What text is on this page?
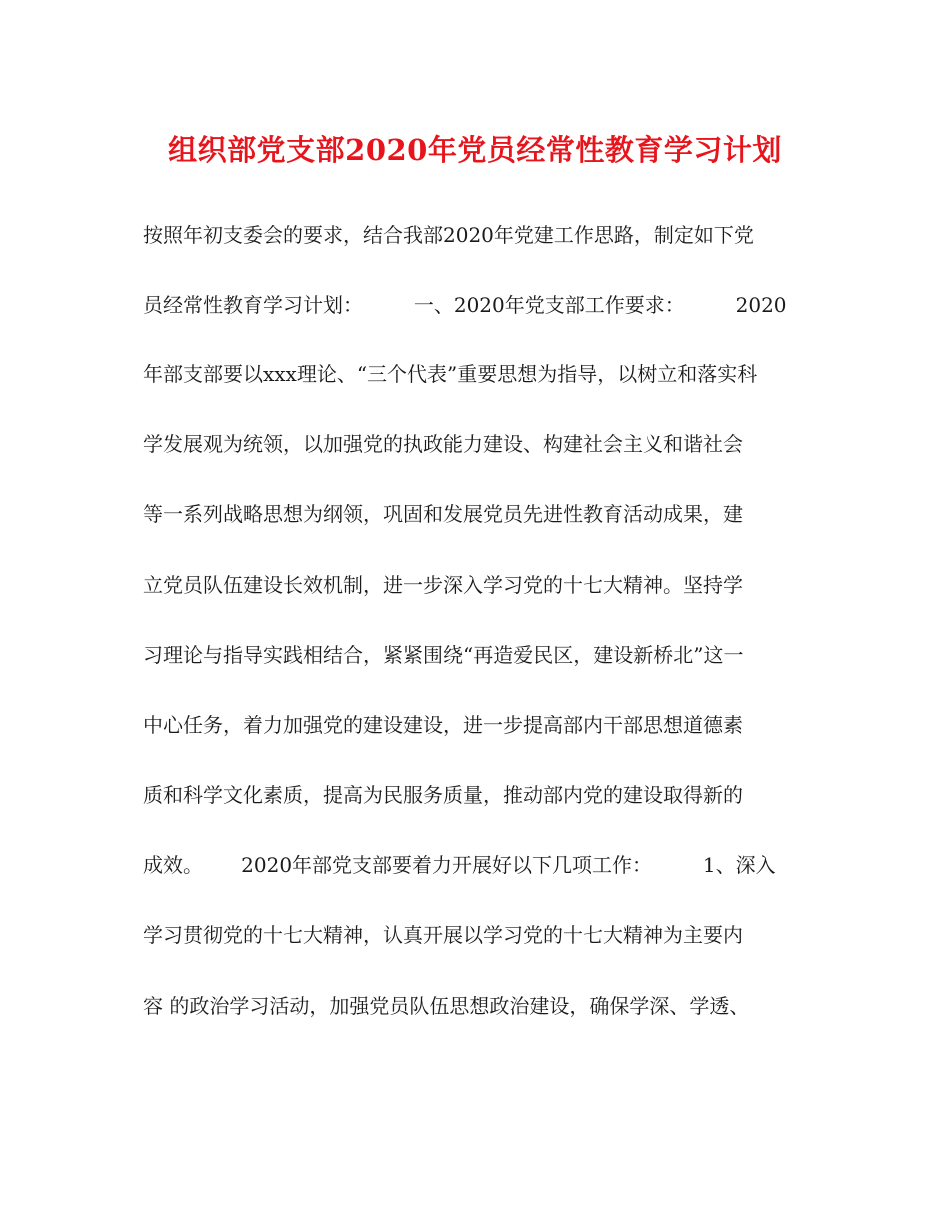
组织部党支部2020年党员经常性教育学习计划
按照年初支委会的要求，结合我部2020年党建工作思路，制定如下党
员经常性教育学习计划：        一、2020年党支部工作要求：        2020
年部支部要以xxx理论、“三个代表”重要思想为指导，以树立和落实科
学发展观为统领，以加强党的执政能力建设、构建社会主义和谐社会
等一系列战略思想为纲领，巩固和发展党员先进性教育活动成果，建
立党员队伍建设长效机制，进一步深入学习党的十七大精神。坚持学
习理论与指导实践相结合，紧紧围绕“再造爱民区，建设新桥北”这一
中心任务，着力加强党的建设建设，进一步提高部内干部思想道德素
质和科学文化素质，提高为民服务质量，推动部内党的建设取得新的
成效。      2020年部党支部要着力开展好以下几项工作：        1、深入
学习贯彻党的十七大精神，认真开展以学习党的十七大精神为主要内
容 的政治学习活动，加强党员队伍思想政治建设，确保学深、学透、
